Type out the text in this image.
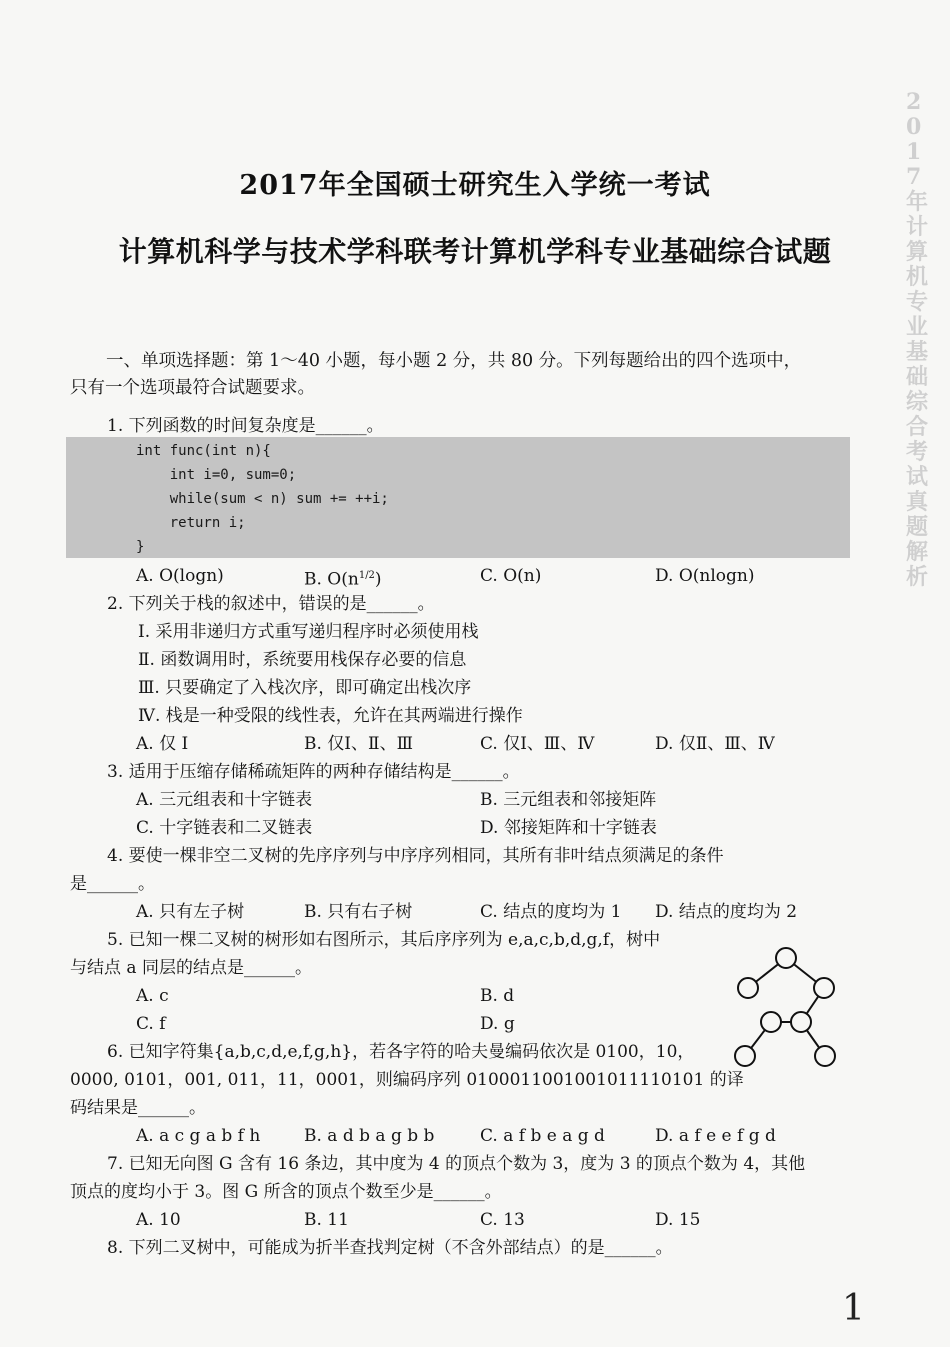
2017年计算机专业基础综合考试真题解析
2017年全国硕士研究生入学统一考试
计算机科学与技术学科联考计算机学科专业基础综合试题
一、单项选择题：第 1～40 小题，每小题 2 分，共 80 分。下列每题给出的四个选项中，
只有一个选项最符合试题要求。
1. 下列函数的时间复杂度是______。
int func(int n){
int i=0, sum=0;
while(sum < n) sum += ++i;
return i;
}
A. O(logn)	B. $O(n^{1/2})$	C. O(n)	D. O(nlogn)
2. 下列关于栈的叙述中，错误的是______。
Ⅰ. 采用非递归方式重写递归程序时必须使用栈
Ⅱ. 函数调用时，系统要用栈保存必要的信息
Ⅲ. 只要确定了入栈次序，即可确定出栈次序
Ⅳ. 栈是一种受限的线性表，允许在其两端进行操作
A. 仅 Ⅰ	B. 仅Ⅰ、Ⅱ、Ⅲ	C. 仅Ⅰ、Ⅲ、Ⅳ	D. 仅Ⅱ、Ⅲ、Ⅳ
3. 适用于压缩存储稀疏矩阵的两种存储结构是______。
A. 三元组表和十字链表	B. 三元组表和邻接矩阵
C. 十字链表和二叉链表	D. 邻接矩阵和十字链表
4. 要使一棵非空二叉树的先序序列与中序序列相同，其所有非叶结点须满足的条件
是______。
A. 只有左子树	B. 只有右子树	C. 结点的度均为 1 D. 结点的度均为 2
5. 已知一棵二叉树的树形如右图所示，其后序序列为 e,a,c,b,d,g,f，树中
与结点 a 同层的结点是______。
A. c	B. d
C. f	D. g
6. 已知字符集{a,b,c,d,e,f,g,h}，若各字符的哈夫曼编码依次是 0100，10，
0000, 0101，001, 011，11，0001，则编码序列 0100011001001011110101 的译
码结果是______。
A. a c g a b f h	B. a d b a g b b	C. a f b e a g d	D. a f e e f g d
7. 已知无向图 G 含有 16 条边，其中度为 4 的顶点个数为 3，度为 3 的顶点个数为 4，其他
顶点的度均小于 3。图 G 所含的顶点个数至少是______。
A. 10	B. 11	C. 13	D. 15
8. 下列二叉树中，可能成为折半查找判定树（不含外部结点）的是______。
1
